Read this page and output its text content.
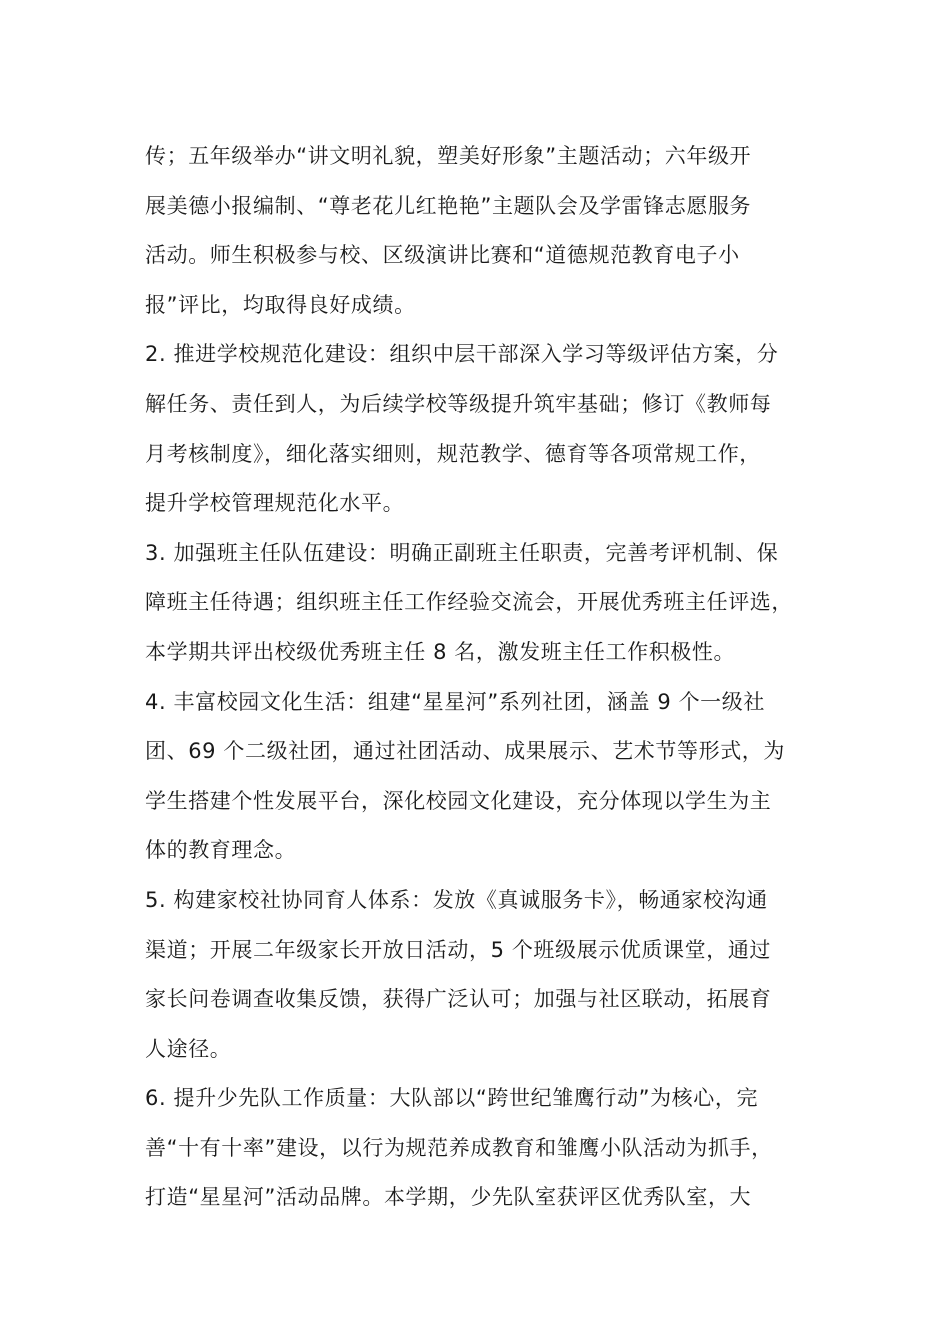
传；五年级举办“讲文明礼貌，塑美好形象”主题活动；六年级开
展美德小报编制、“尊老花儿红艳艳”主题队会及学雷锋志愿服务
活动。师生积极参与校、区级演讲比赛和“道德规范教育电子小
报”评比，均取得良好成绩。
2. 推进学校规范化建设：组织中层干部深入学习等级评估方案，分
解任务、责任到人，为后续学校等级提升筑牢基础；修订《教师每
月考核制度》，细化落实细则，规范教学、德育等各项常规工作，
提升学校管理规范化水平。
3. 加强班主任队伍建设：明确正副班主任职责，完善考评机制、保
障班主任待遇；组织班主任工作经验交流会，开展优秀班主任评选，
本学期共评出校级优秀班主任 8 名，激发班主任工作积极性。
4. 丰富校园文化生活：组建“星星河”系列社团，涵盖 9 个一级社
团、69 个二级社团，通过社团活动、成果展示、艺术节等形式，为
学生搭建个性发展平台，深化校园文化建设，充分体现以学生为主
体的教育理念。
5. 构建家校社协同育人体系：发放《真诚服务卡》，畅通家校沟通
渠道；开展二年级家长开放日活动，5 个班级展示优质课堂，通过
家长问卷调查收集反馈，获得广泛认可；加强与社区联动，拓展育
人途径。
6. 提升少先队工作质量：大队部以“跨世纪雏鹰行动”为核心，完
善“十有十率”建设，以行为规范养成教育和雏鹰小队活动为抓手，
打造“星星河”活动品牌。本学期，少先队室获评区优秀队室，大
